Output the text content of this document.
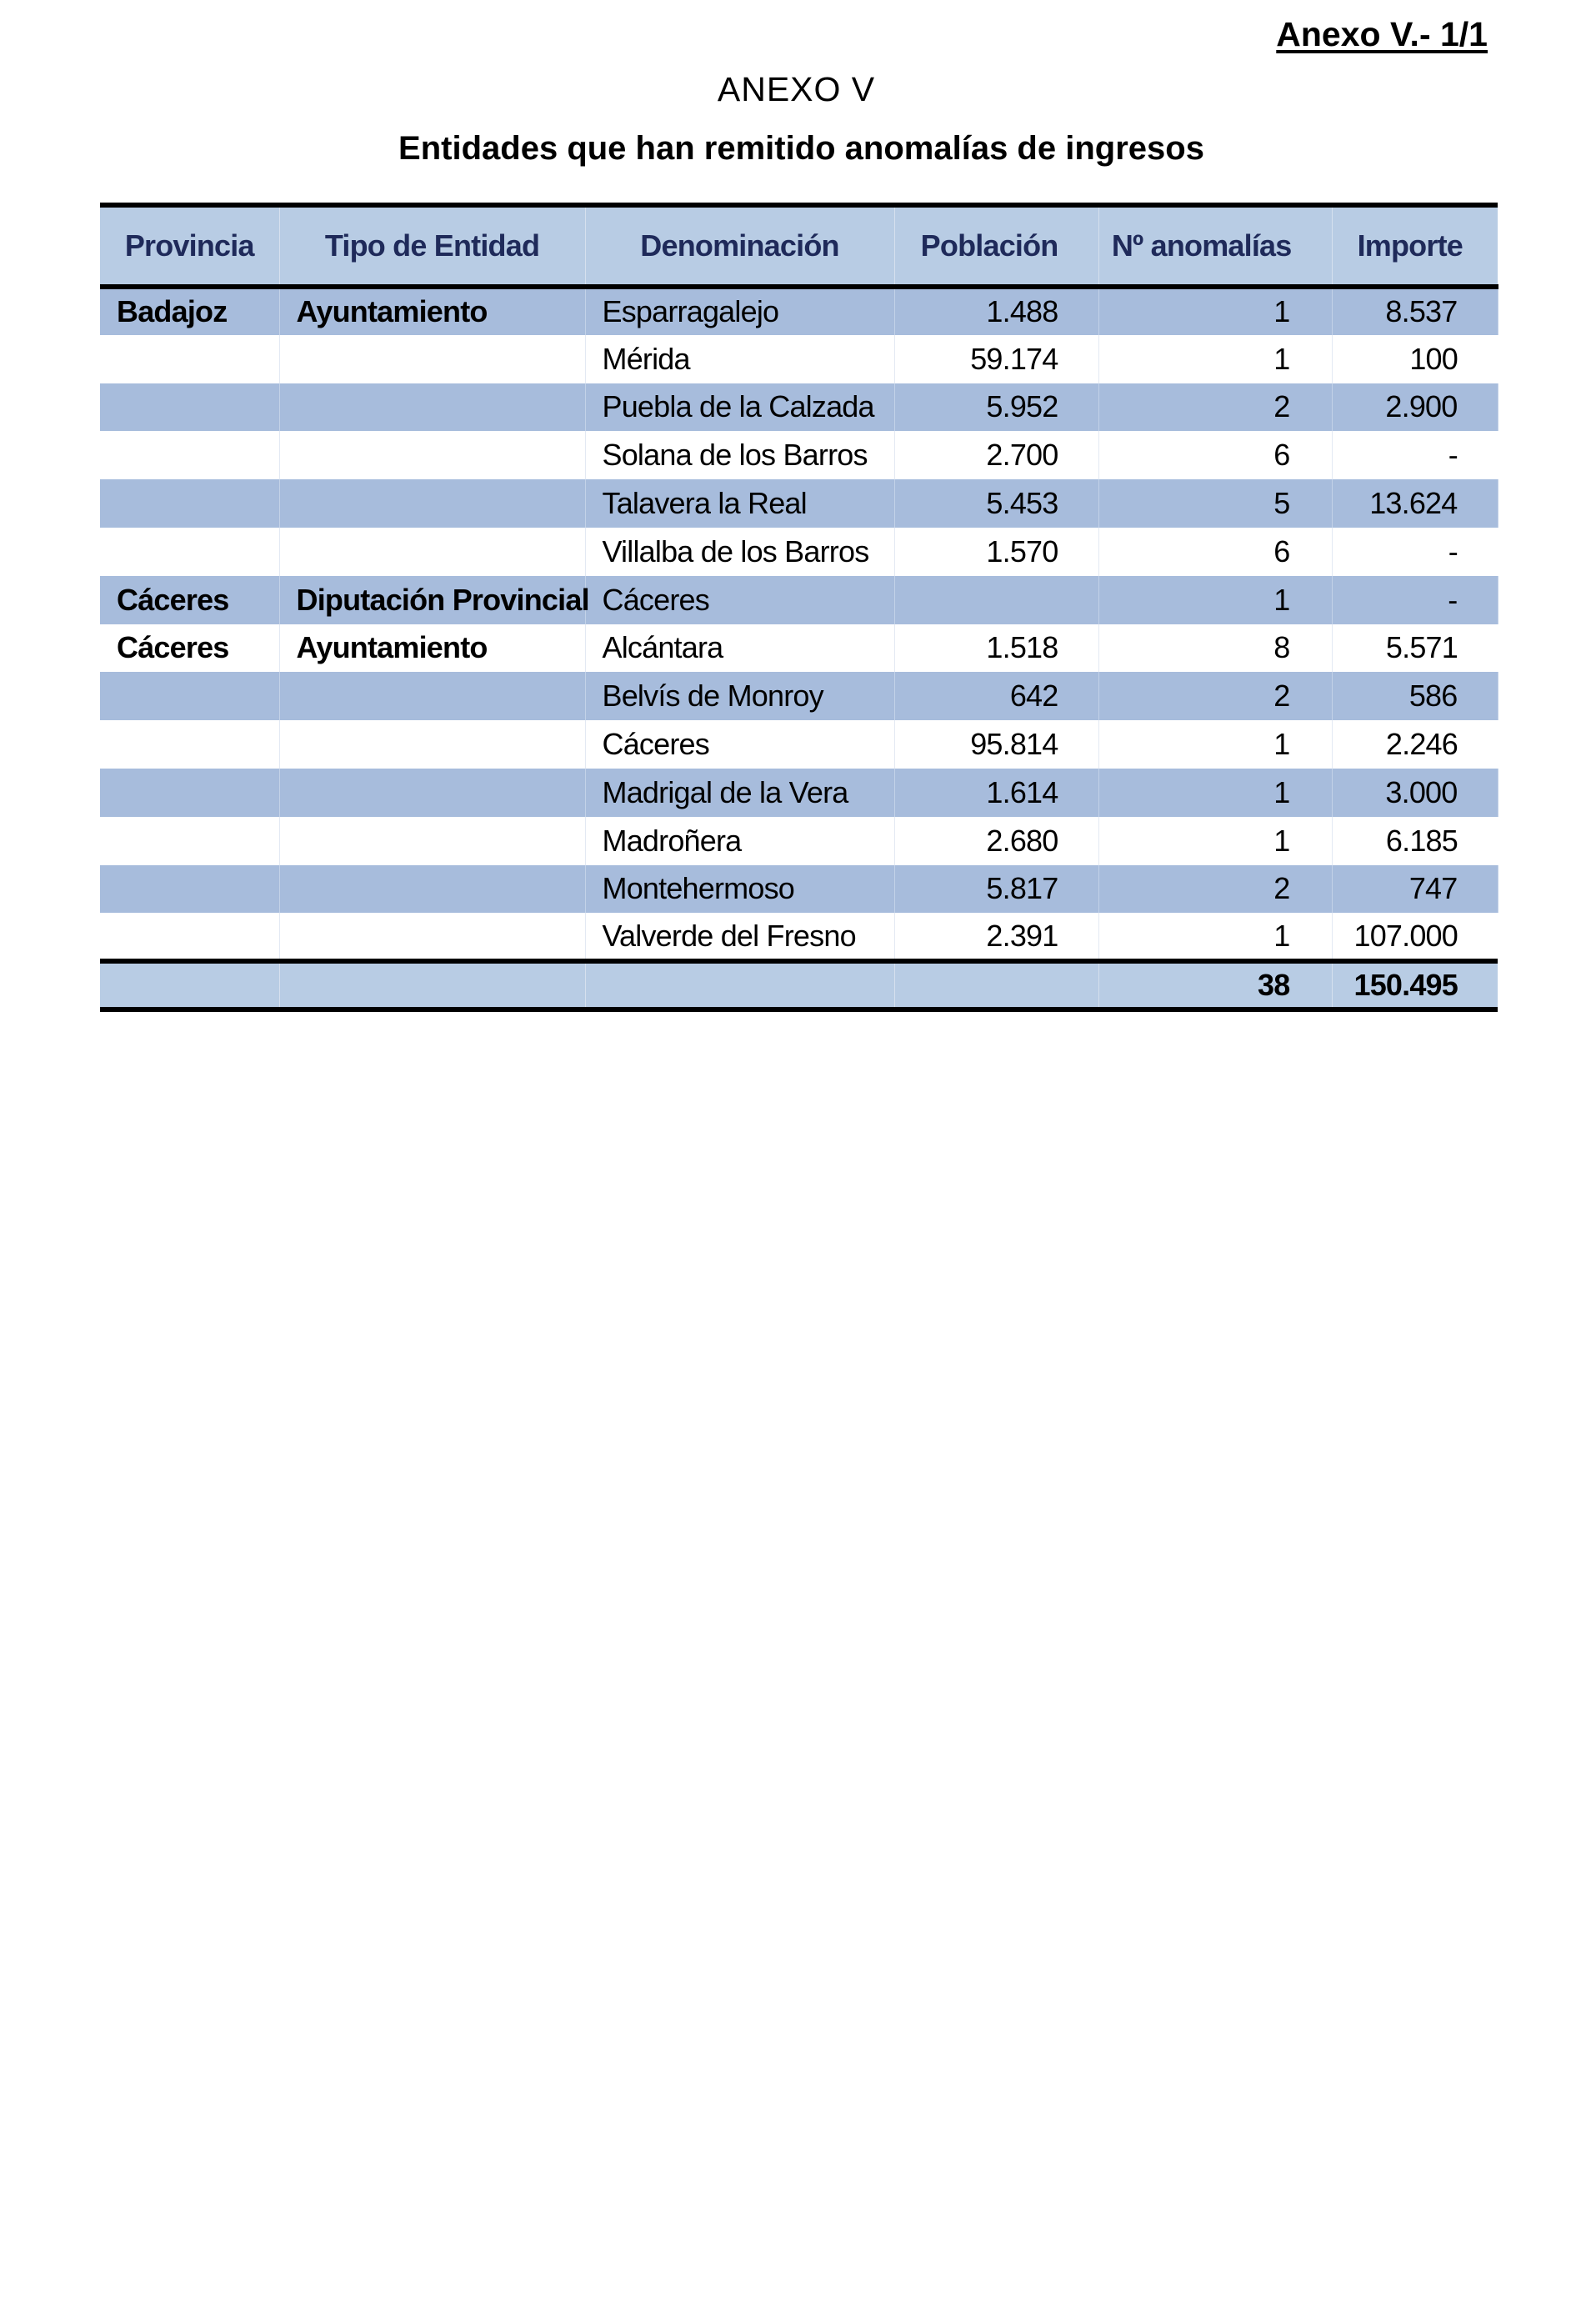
Anexo V.- 1/1

ANEXO V
Entidades que han remitido anomalías de ingresos
Provincia	Tipo de Entidad	Denominación	Población	Nº anomalías	Importe
Badajoz	Ayuntamiento	Esparragalejo	1.488	1	8.537
		Mérida	59.174	1	100
		Puebla de la Calzada	5.952	2	2.900
		Solana de los Barros	2.700	6	-
		Talavera la Real	5.453	5	13.624
		Villalba de los Barros	1.570	6	-
Cáceres	Diputación Provincial	Cáceres		1	-
Cáceres	Ayuntamiento	Alcántara	1.518	8	5.571
		Belvís de Monroy	642	2	586
		Cáceres	95.814	1	2.246
		Madrigal de la Vera	1.614	1	3.000
		Madroñera	2.680	1	6.185
		Montehermoso	5.817	2	747
		Valverde del Fresno	2.391	1	107.000
				38	150.495
